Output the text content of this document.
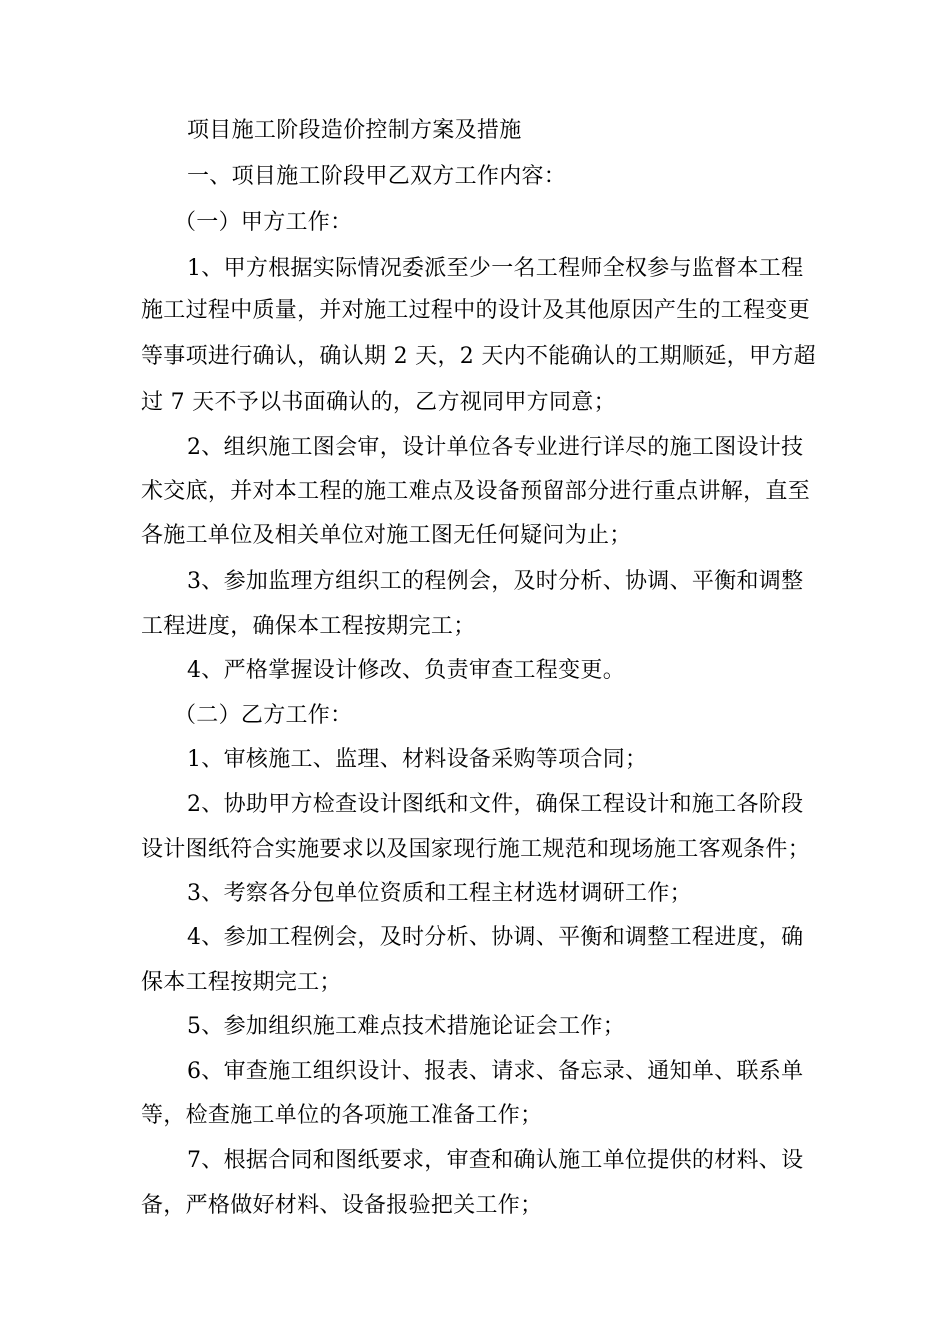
项目施工阶段造价控制方案及措施
一、项目施工阶段甲乙双方工作内容：
（一）甲方工作：
1、甲方根据实际情况委派至少一名工程师全权参与监督本工程
施工过程中质量，并对施工过程中的设计及其他原因产生的工程变更
等事项进行确认，确认期 2 天，2 天内不能确认的工期顺延，甲方超
过 7 天不予以书面确认的，乙方视同甲方同意；
2、组织施工图会审，设计单位各专业进行详尽的施工图设计技
术交底，并对本工程的施工难点及设备预留部分进行重点讲解，直至
各施工单位及相关单位对施工图无任何疑问为止；
3、参加监理方组织工的程例会，及时分析、协调、平衡和调整
工程进度，确保本工程按期完工；
4、严格掌握设计修改、负责审查工程变更。
（二）乙方工作：
1、审核施工、监理、材料设备采购等项合同；
2、协助甲方检查设计图纸和文件，确保工程设计和施工各阶段
设计图纸符合实施要求以及国家现行施工规范和现场施工客观条件；
3、考察各分包单位资质和工程主材选材调研工作；
4、参加工程例会，及时分析、协调、平衡和调整工程进度，确
保本工程按期完工；
5、参加组织施工难点技术措施论证会工作；
6、审查施工组织设计、报表、请求、备忘录、通知单、联系单
等，检查施工单位的各项施工准备工作；
7、根据合同和图纸要求，审查和确认施工单位提供的材料、设
备，严格做好材料、设备报验把关工作；
